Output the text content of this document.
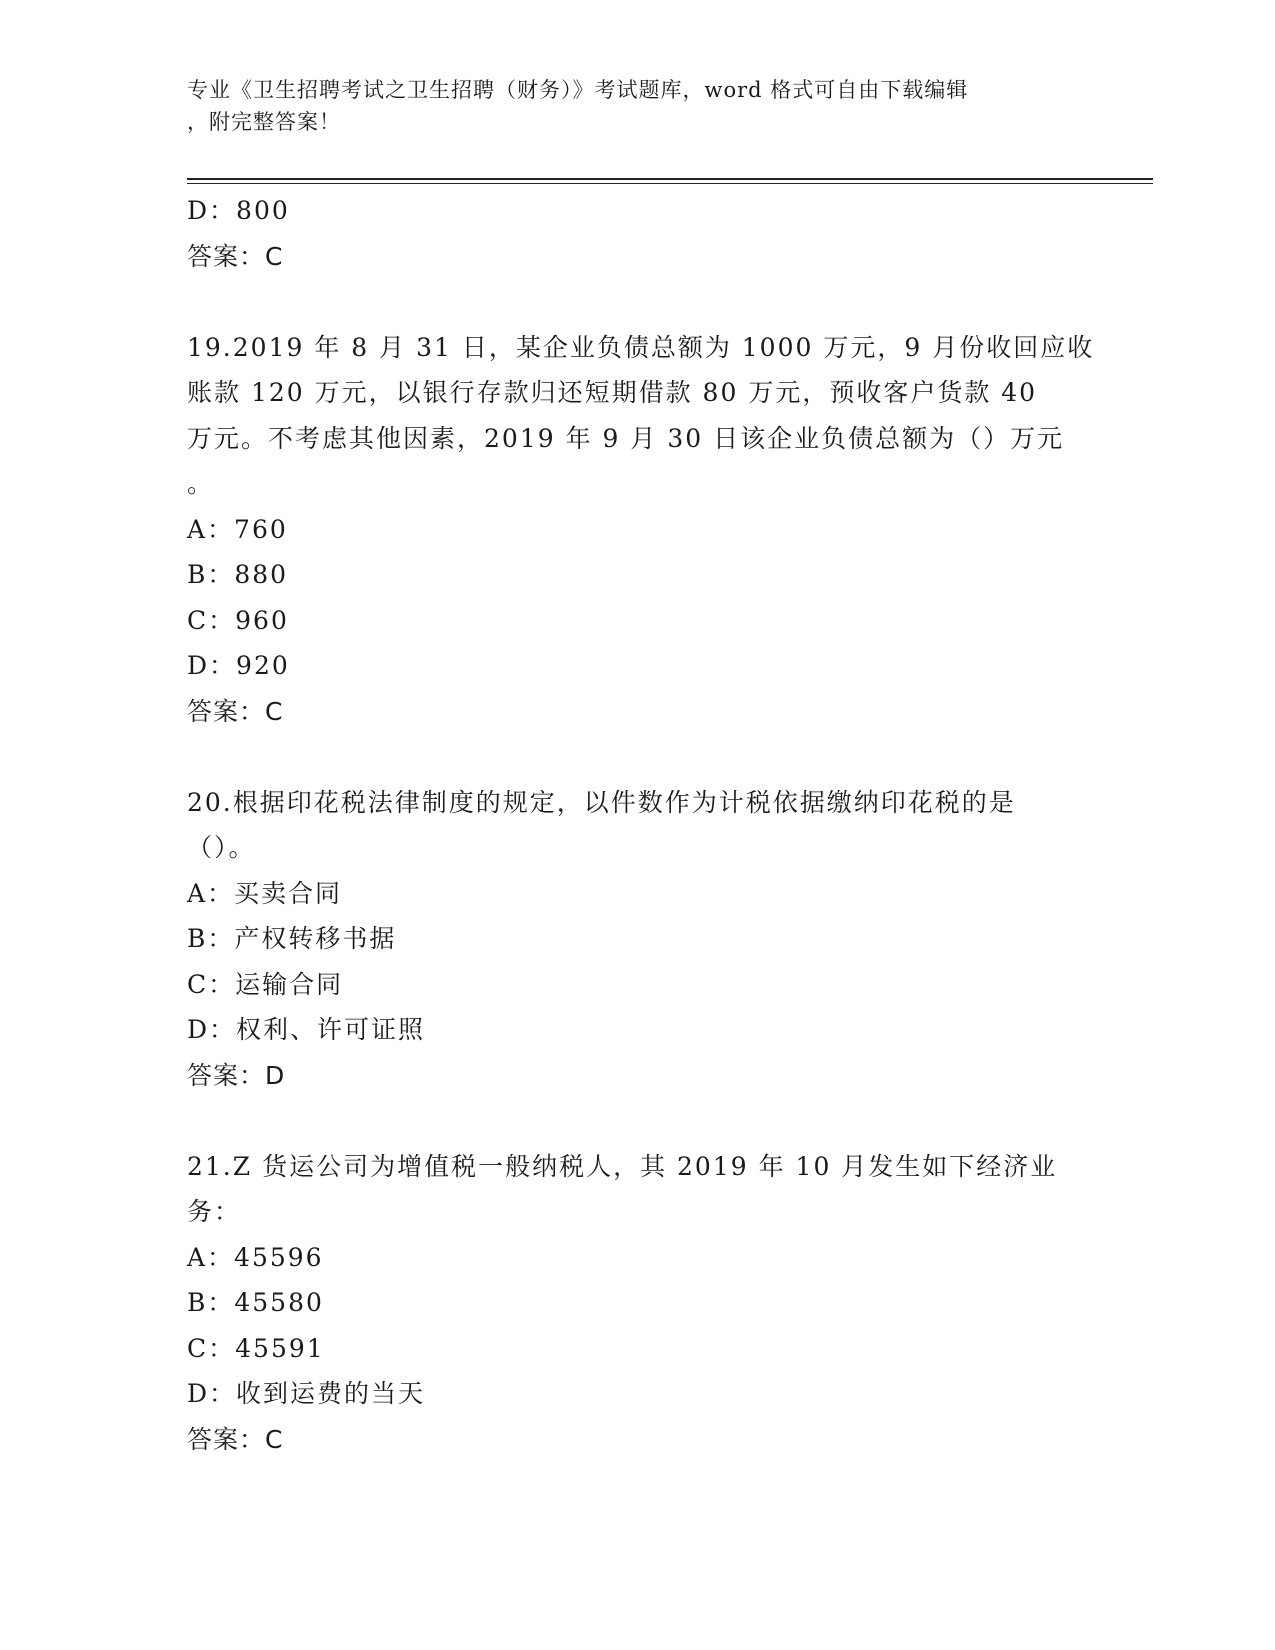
专业《卫生招聘考试之卫生招聘（财务）》考试题库，word 格式可自由下载编辑
，附完整答案！
D：800
答案：C
19.2019 年 8 月 31 日，某企业负债总额为 1000 万元，9 月份收回应收
账款 120 万元，以银行存款归还短期借款 80 万元，预收客户货款 40
万元。不考虑其他因素，2019 年 9 月 30 日该企业负债总额为（）万元
。
A：760
B：880
C：960
D：920
答案：C
20.根据印花税法律制度的规定，以件数作为计税依据缴纳印花税的是
（）。
A：买卖合同
B：产权转移书据
C：运输合同
D：权利、许可证照
答案：D
21.Z 货运公司为增值税一般纳税人，其 2019 年 10 月发生如下经济业
务：
A：45596
B：45580
C：45591
D：收到运费的当天
答案：C
